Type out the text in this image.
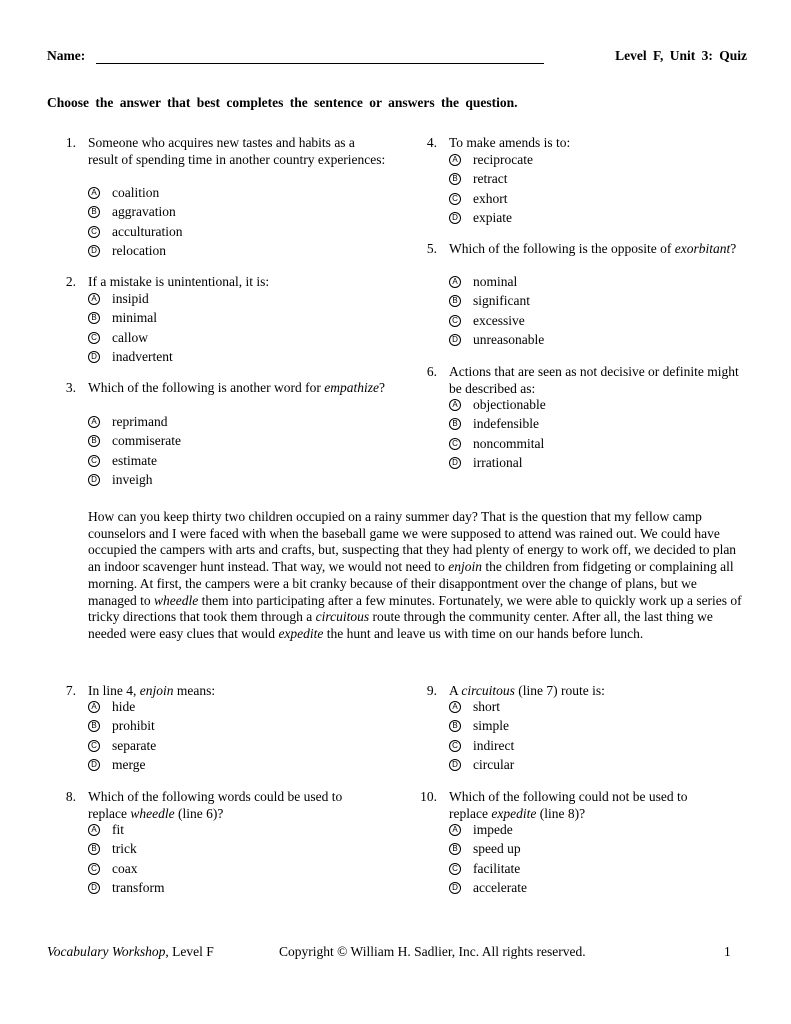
Name:	Level F, Unit 3: Quiz
Choose the answer that best completes the sentence or answers the question.
1. Someone who acquires new tastes and habits as a result of spending time in another country experiences:
A coalition
B aggravation
C acculturation
D relocation
2. If a mistake is unintentional, it is:
A insipid
B minimal
C callow
D inadvertent
3. Which of the following is another word for empathize?
A reprimand
B commiserate
C estimate
D inveigh
4. To make amends is to:
A reciprocate
B retract
C exhort
D expiate
5. Which of the following is the opposite of exorbitant?
A nominal
B significant
C excessive
D unreasonable
6. Actions that are seen as not decisive or definite might be described as:
A objectionable
B indefensible
C noncommital
D irrational

How can you keep thirty two children occupied on a rainy summer day? That is the question that my fellow camp counselors and I were faced with when the baseball game we were supposed to attend was rained out. We could have occupied the campers with arts and crafts, but, suspecting that they had plenty of energy to work off, we decided to plan an indoor scavenger hunt instead. That way, we would not need to enjoin the children from fidgeting or complaining all morning. At first, the campers were a bit cranky because of their disappontment over the change of plans, but we managed to wheedle them into participating after a few minutes. Fortunately, we were able to quickly work up a series of tricky directions that took them through a circuitous route through the community center. After all, the last thing we needed were easy clues that would expedite the hunt and leave us with time on our hands before lunch.

7. In line 4, enjoin means:
A hide
B prohibit
C separate
D merge
8. Which of the following words could be used to replace wheedle (line 6)?
A fit
B trick
C coax
D transform
9. A circuitous (line 7) route is:
A short
B simple
C indirect
D circular
10. Which of the following could not be used to replace expedite (line 8)?
A impede
B speed up
C facilitate
D accelerate
Vocabulary Workshop, Level F	Copyright © William H. Sadlier, Inc. All rights reserved.	1
